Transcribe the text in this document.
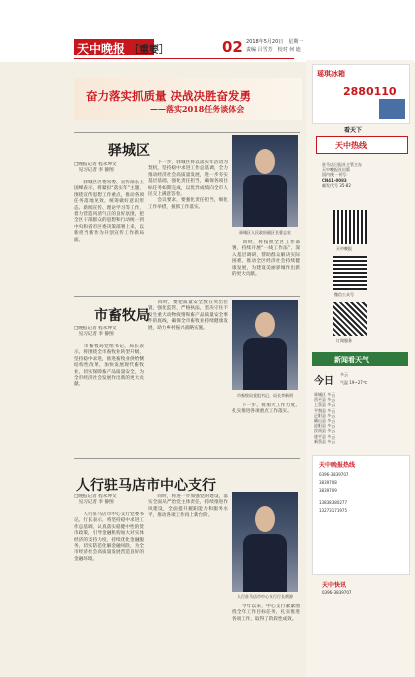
天中晚报 ［重要］	02 2018年5月20日　星期一
责编 吕雪芳　校对 何 迪
奋力落实抓质量 决战决胜奋发勇
——落实2018任务谈体会
驿城区
□晚报记者 程永坤文
　见习记者 李 静图
　　驿城区区委常委、宣传部长王国峰表示，将紧扣“落实年”主题，围绕宣传思想工作重点，推动各项任务落地见效，统筹做好意识形态、新闻宣传、理论学习等工作，着力营造风清气正的良好氛围，把全区干部群众的思想和行动统一到中央和省市区委决策部署上来，以新担当新作为开创宣传工作新局面。
　　下一步，驿城区将以落实年活动为契机，坚持稳中求进工作总基调，全力推动经济社会高质量发展，进一步夯实基层基础，强化责任担当，确保各项目标任务如期完成，以优异成绩向全市人民交上满意答卷。
　　会议要求，要强化责任担当，细化工作举措，狠抓工作落实。
驿城区人民政府副区长曹志宏
　　同时，将按照全区工作部署，持续开展“一线工作法”，深入基层调研，帮助群众解决实际困难，推动全区经济社会持续健康发展，为建设美丽驿城作出新的更大贡献。
市畜牧局
□晚报记者 程永坤文
　见习记者 李 静图
　　市畜牧局党组书记、局长表示，将围绕全市畜牧业转型升级，坚持稳中求进，推进畜牧业供给侧结构性改革，加快发展现代畜牧业，切实保障畜产品质量安全，为全市经济社会发展作出新的更大贡献。
　　同时，要把质量安全放在突出位置，强化监管，严格执法，坚决守住不发生重大动物疫情和畜产品质量安全事件的底线，确保全市畜牧业持续健康发展，助力乡村振兴战略实施。
市畜牧局党组书记、局长李新明
　　下一步，将加大工作力度，扎实推进各项重点工作落实。
人行驻马店市中心支行
□晚报记者 程永坤文
　见习记者 李 静图
　　人行驻马店市中心支行党委书记、行长表示，将坚持稳中求进工作总基调，认真落实稳健中性的货币政策，引导金融机构加大对实体经济的支持力度，持续优化金融服务，切实防范化解金融风险，为全市经济社会高质量发展营造良好的金融环境。
　　同时，将进一步加强党的建设，落实全面从严治党主体责任，持续推进作风建设，全面提升履职能力和服务水平，推动各项工作再上新台阶。
人行驻马店市中心支行行长黄源
　　今年以来，中心支行紧紧围绕全年工作目标任务，扎实推进各项工作，取得了阶段性成效。
瑶琪冰箱
2880110
看天下
天中热线
驻马店日报社主管主办
天中晚报社出版
国内统一刊号：
CN41-0083
邮发代号 35-82
天中晚报
微信公众号
订阅服务
新闻看天气
今日
多云
气温 19~27℃
驿城区 多云
西平县 多云
上蔡县 多云
平舆县 多云
正阳县 多云
确山县 多云
泌阳县 多云
汝南县 多云
遂平县 多云
新蔡县 多云
天中晚报热线
0396-3839707
3839708
3839709
13838380277
13273171975
天中快讯
0396-3839707
